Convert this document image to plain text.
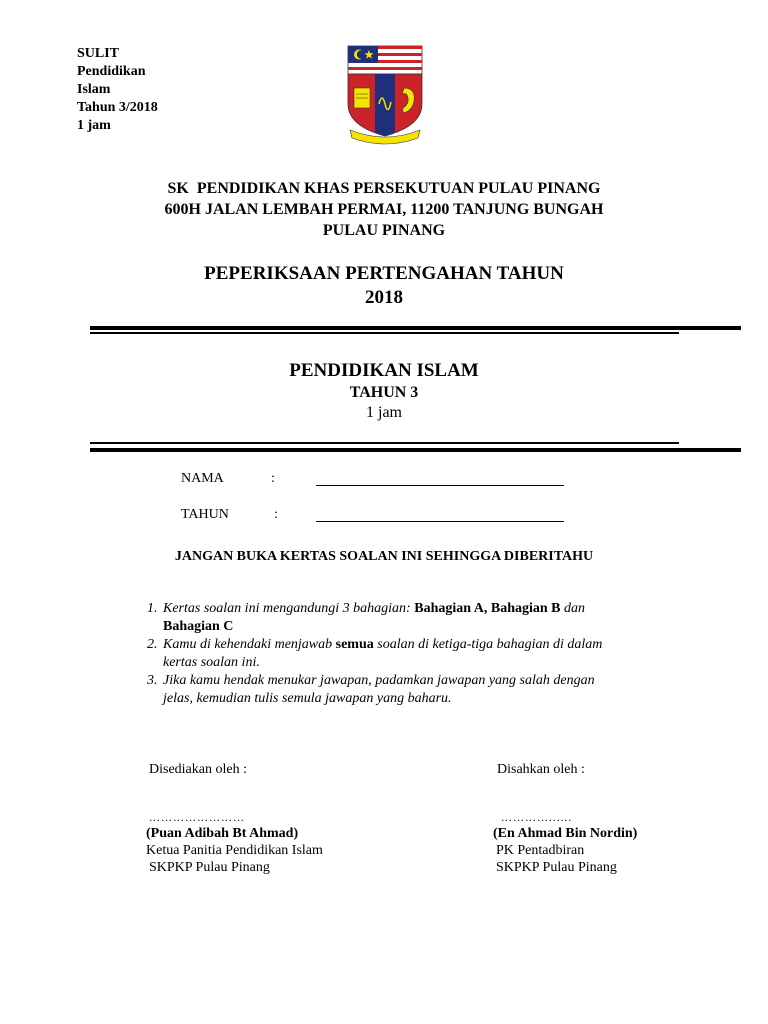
SULIT
Pendidikan
Islam
Tahun 3/2018
1 jam
SK  PENDIDIKAN KHAS PERSEKUTUAN PULAU PINANG
600H JALAN LEMBAH PERMAI, 11200 TANJUNG BUNGAH
PULAU PINANG
PEPERIKSAAN PERTENGAHAN TAHUN
2018
PENDIDIKAN ISLAM
TAHUN 3
1 jam
NAMA	:
TAHUN	:
JANGAN BUKA KERTAS SOALAN INI SEHINGGA DIBERITAHU
1. Kertas soalan ini mengandungi 3 bahagian: Bahagian A, Bahagian B dan
Bahagian C
2. Kamu di kehendaki menjawab semua soalan di ketiga-tiga bahagian di dalam
kertas soalan ini.
3. Jika kamu hendak menukar jawapan, padamkan jawapan yang salah dengan
jelas, kemudian tulis semula jawapan yang baharu.
Disediakan oleh :
……………………
(Puan Adibah Bt Ahmad)
Ketua Panitia Pendidikan Islam
SKPKP Pulau Pinang
Disahkan oleh :
…………..….
(En Ahmad Bin Nordin)
PK Pentadbiran
SKPKP Pulau Pinang
